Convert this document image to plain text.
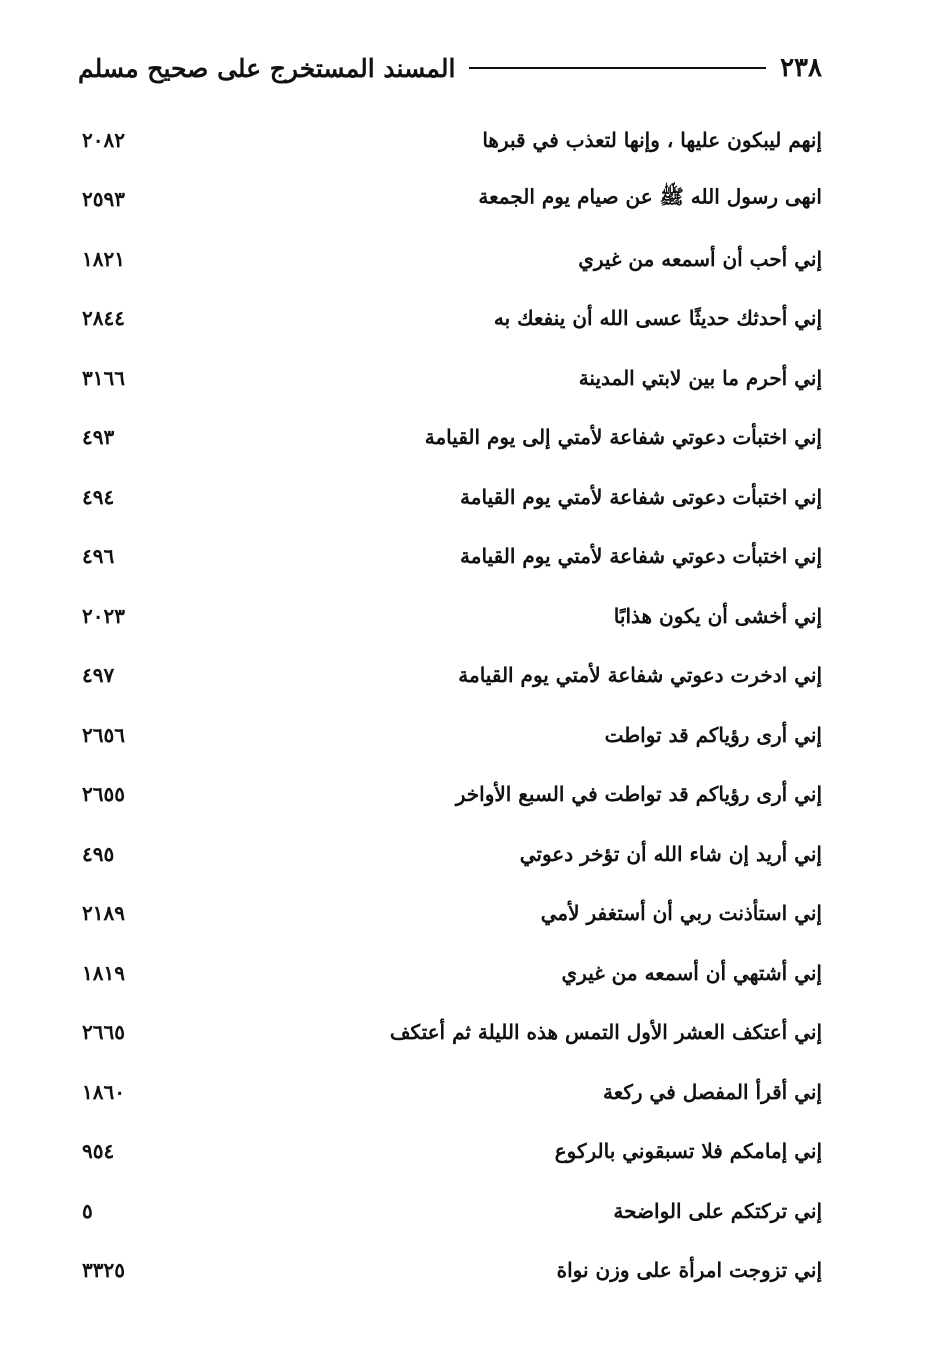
٢٣٨
المسند المستخرج على صحيح مسلم
إنهم ليبكون عليها ، وإنها لتعذب في قبرها
٢٠٨٢
انهى رسول الله ﷺ عن صيام يوم الجمعة
٢٥٩٣
إني أحب أن أسمعه من غيري
١٨٢١
إني أحدثك حديثًا عسى الله أن ينفعك به
٢٨٤٤
إني أحرم ما بين لابتي المدينة
٣١٦٦
إني اختبأت دعوتي شفاعة لأمتي إلى يوم القيامة
٤٩٣
إني اختبأت دعوتى شفاعة لأمتي يوم القيامة
٤٩٤
إني اختبأت دعوتي شفاعة لأمتي يوم القيامة
٤٩٦
إني أخشى أن يكون هذابًا
٢٠٢٣
إني ادخرت دعوتي شفاعة لأمتي يوم القيامة
٤٩٧
إني أرى رؤياكم قد تواطت
٢٦٥٦
إني أرى رؤياكم قد تواطت في السبع الأواخر
٢٦٥٥
إني أريد إن شاء الله أن تؤخر دعوتي
٤٩٥
إني استأذنت ربي أن أستغفر لأمي
٢١٨٩
إني أشتهي أن أسمعه من غيري
١٨١٩
إني أعتكف العشر الأول التمس هذه الليلة ثم أعتكف
٢٦٦٥
إني أقرأ المفصل في ركعة
١٨٦٠
إني إمامكم فلا تسبقوني بالركوع
٩٥٤
إني تركتكم على الواضحة
٥
إني تزوجت امرأة على وزن نواة
٣٣٢٥
